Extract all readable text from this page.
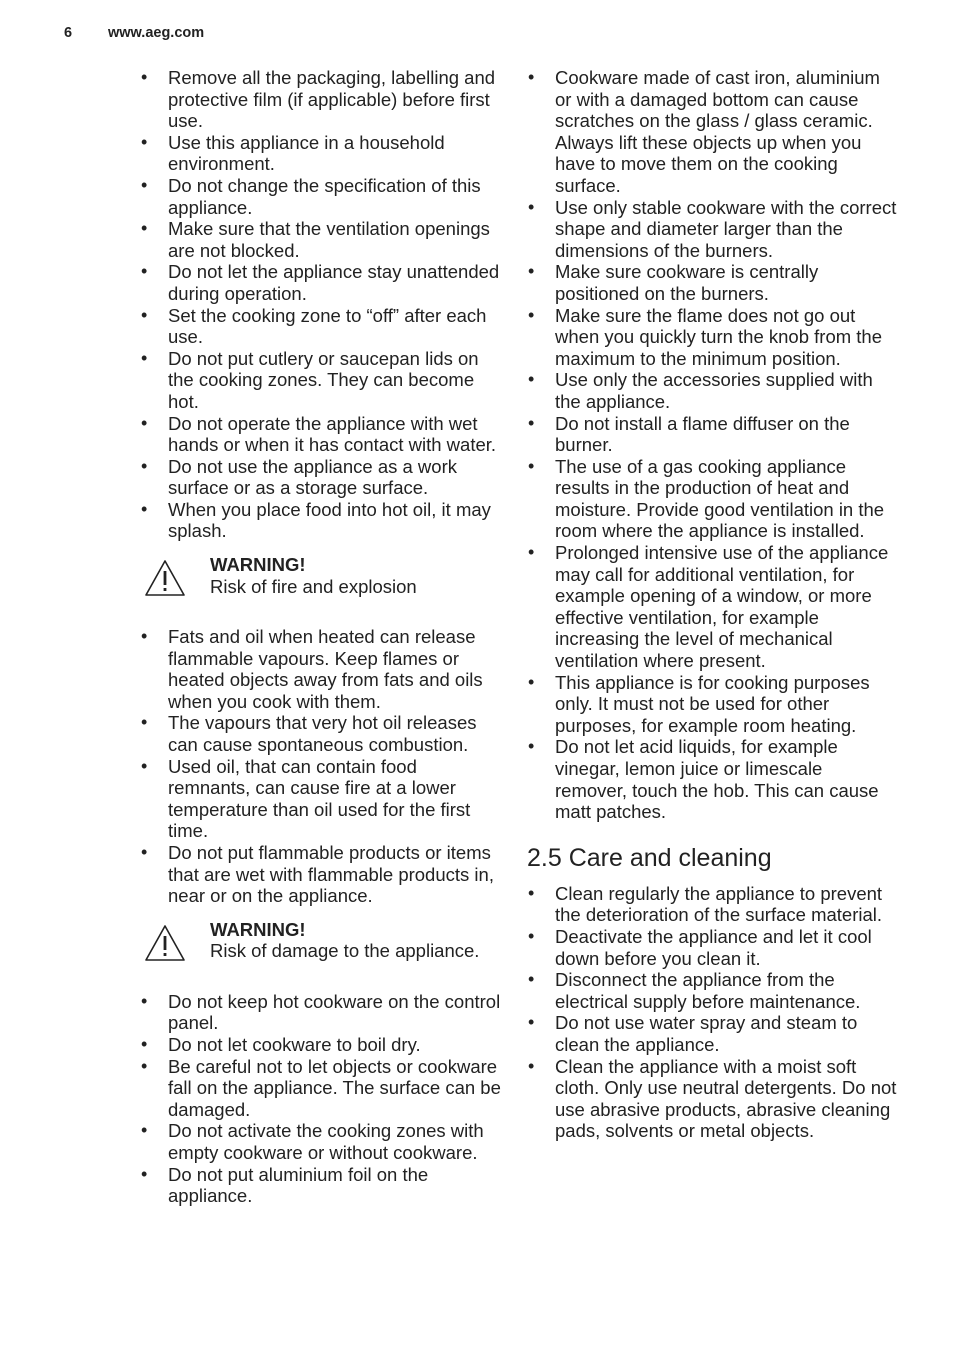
6	www.aeg.com
• Remove all the packaging, labelling and protective film (if applicable) before first use.
• Use this appliance in a household environment.
• Do not change the specification of this appliance.
• Make sure that the ventilation openings are not blocked.
• Do not let the appliance stay unattended during operation.
• Set the cooking zone to “off” after each use.
• Do not put cutlery or saucepan lids on the cooking zones. They can become hot.
• Do not operate the appliance with wet hands or when it has contact with water.
• Do not use the appliance as a work surface or as a storage surface.
• When you place food into hot oil, it may splash.
WARNING!
Risk of fire and explosion
• Fats and oil when heated can release flammable vapours. Keep flames or heated objects away from fats and oils when you cook with them.
• The vapours that very hot oil releases can cause spontaneous combustion.
• Used oil, that can contain food remnants, can cause fire at a lower temperature than oil used for the first time.
• Do not put flammable products or items that are wet with flammable products in, near or on the appliance.
WARNING!
Risk of damage to the appliance.
• Do not keep hot cookware on the control panel.
• Do not let cookware to boil dry.
• Be careful not to let objects or cookware fall on the appliance. The surface can be damaged.
• Do not activate the cooking zones with empty cookware or without cookware.
• Do not put aluminium foil on the appliance.
• Cookware made of cast iron, aluminium or with a damaged bottom can cause scratches on the glass / glass ceramic. Always lift these objects up when you have to move them on the cooking surface.
• Use only stable cookware with the correct shape and diameter larger than the dimensions of the burners.
• Make sure cookware is centrally positioned on the burners.
• Make sure the flame does not go out when you quickly turn the knob from the maximum to the minimum position.
• Use only the accessories supplied with the appliance.
• Do not install a flame diffuser on the burner.
• The use of a gas cooking appliance results in the production of heat and moisture. Provide good ventilation in the room where the appliance is installed.
• Prolonged intensive use of the appliance may call for additional ventilation, for example opening of a window, or more effective ventilation, for example increasing the level of mechanical ventilation where present.
• This appliance is for cooking purposes only. It must not be used for other purposes, for example room heating.
• Do not let acid liquids, for example vinegar, lemon juice or limescale remover, touch the hob. This can cause matt patches.
2.5 Care and cleaning
• Clean regularly the appliance to prevent the deterioration of the surface material.
• Deactivate the appliance and let it cool down before you clean it.
• Disconnect the appliance from the electrical supply before maintenance.
• Do not use water spray and steam to clean the appliance.
• Clean the appliance with a moist soft cloth. Only use neutral detergents. Do not use abrasive products, abrasive cleaning pads, solvents or metal objects.
